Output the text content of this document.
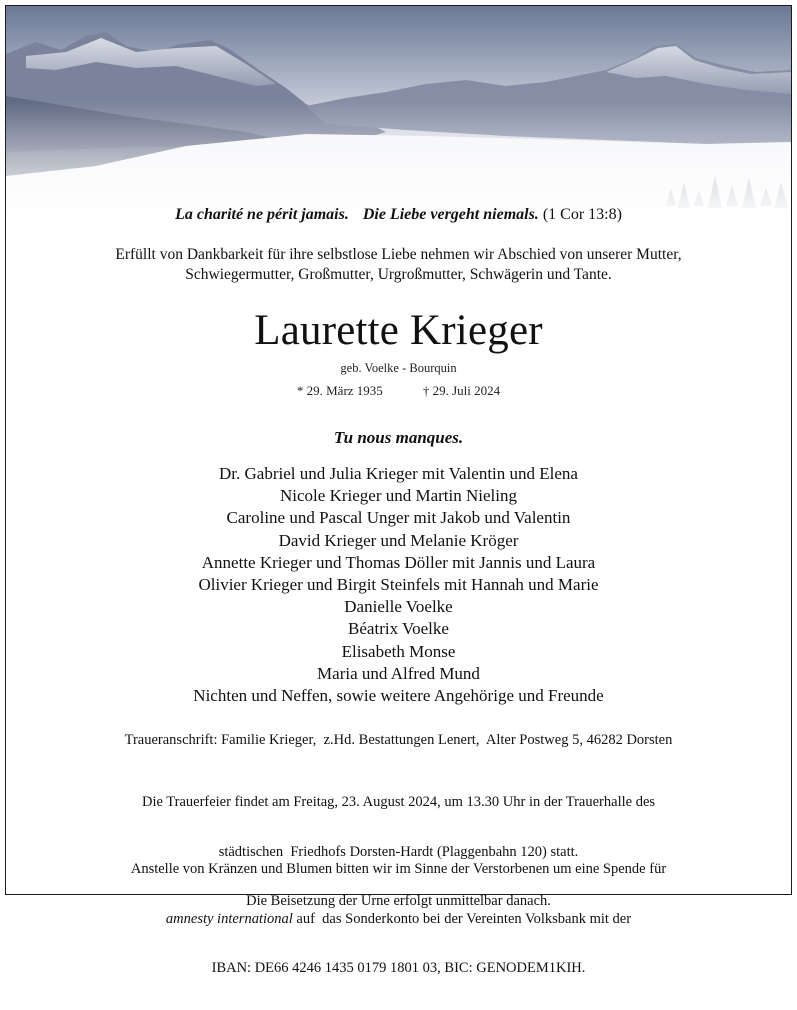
La charité ne périt jamais. Die Liebe vergeht niemals. (1 Cor 13:8)
Erfüllt von Dankbarkeit für ihre selbstlose Liebe nehmen wir Abschied von unserer Mutter,
Schwiegermutter, Großmutter, Urgroßmutter, Schwägerin und Tante.
Laurette Krieger
geb. Voelke - Bourquin
* 29. März 1935	† 29. Juli 2024
Tu nous manques.
Dr. Gabriel und Julia Krieger mit Valentin und Elena
Nicole Krieger und Martin Nieling
Caroline und Pascal Unger mit Jakob und Valentin
David Krieger und Melanie Kröger
Annette Krieger und Thomas Döller mit Jannis und Laura
Olivier Krieger und Birgit Steinfels mit Hannah und Marie
Danielle Voelke
Béatrix Voelke
Elisabeth Monse
Maria und Alfred Mund
Nichten und Neffen, sowie weitere Angehörige und Freunde
Traueranschrift: Familie Krieger,  z.Hd. Bestattungen Lenert,  Alter Postweg 5, 46282 Dorsten

Die Trauerfeier findet am Freitag, 23. August 2024, um 13.30 Uhr in der Trauerhalle des

städtischen  Friedhofs Dorsten-Hardt (Plaggenbahn 120) statt.

Die Beisetzung der Urne erfolgt unmittelbar danach.

Anstelle von Kränzen und Blumen bitten wir im Sinne der Verstorbenen um eine Spende für

amnesty international auf  das Sonderkonto bei der Vereinten Volksbank mit der

IBAN: DE66 4246 1435 0179 1801 03, BIC: GENODEM1KIH.
